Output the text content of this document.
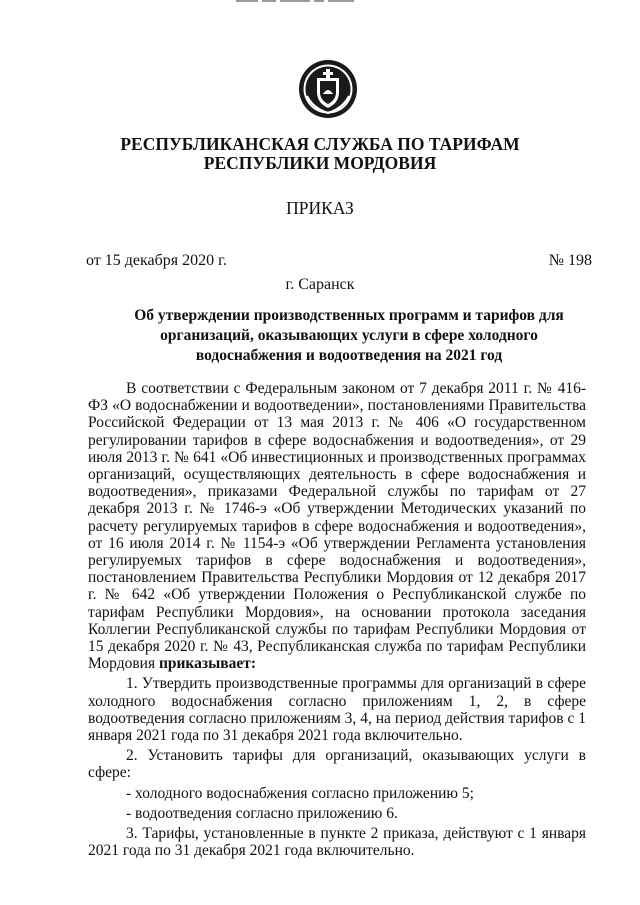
РЕСПУБЛИКАНСКАЯ СЛУЖБА ПО ТАРИФАМ
РЕСПУБЛИКИ МОРДОВИЯ
ПРИКАЗ
от 15 декабря 2020 г.	№ 198
г. Саранск
Об утверждении производственных программ и тарифов для организаций, оказывающих услуги в сфере холодного водоснабжения и водоотведения на 2021 год

В соответствии с Федеральным законом от 7 декабря 2011 г. № 416-ФЗ «О водоснабжении и водоотведении», постановлениями Правительства Российской Федерации от 13 мая 2013 г. № 406 «О государственном регулировании тарифов в сфере водоснабжения и водоотведения», от 29 июля 2013 г. № 641 «Об инвестиционных и производственных программах организаций, осуществляющих деятельность в сфере водоснабжения и водоотведения», приказами Федеральной службы по тарифам от 27 декабря 2013 г. № 1746-э «Об утверждении Методических указаний по расчету регулируемых тарифов в сфере водоснабжения и водоотведения», от 16 июля 2014 г. № 1154-э «Об утверждении Регламента установления регулируемых тарифов в сфере водоснабжения и водоотведения», постановлением Правительства Республики Мордовия от 12 декабря 2017 г. № 642 «Об утверждении Положения о Республиканской службе по тарифам Республики Мордовия», на основании протокола заседания Коллегии Республиканской службы по тарифам Республики Мордовия от 15 декабря 2020 г. № 43, Республиканская служба по тарифам Республики Мордовия приказывает:

1. Утвердить производственные программы для организаций в сфере холодного водоснабжения согласно приложениям 1, 2, в сфере водоотведения согласно приложениям 3, 4, на период действия тарифов с 1 января 2021 года по 31 декабря 2021 года включительно.

2. Установить тарифы для организаций, оказывающих услуги в сфере:

- холодного водоснабжения согласно приложению 5;

- водоотведения согласно приложению 6.

3. Тарифы, установленные в пункте 2 приказа, действуют с 1 января 2021 года по 31 декабря 2021 года включительно.
